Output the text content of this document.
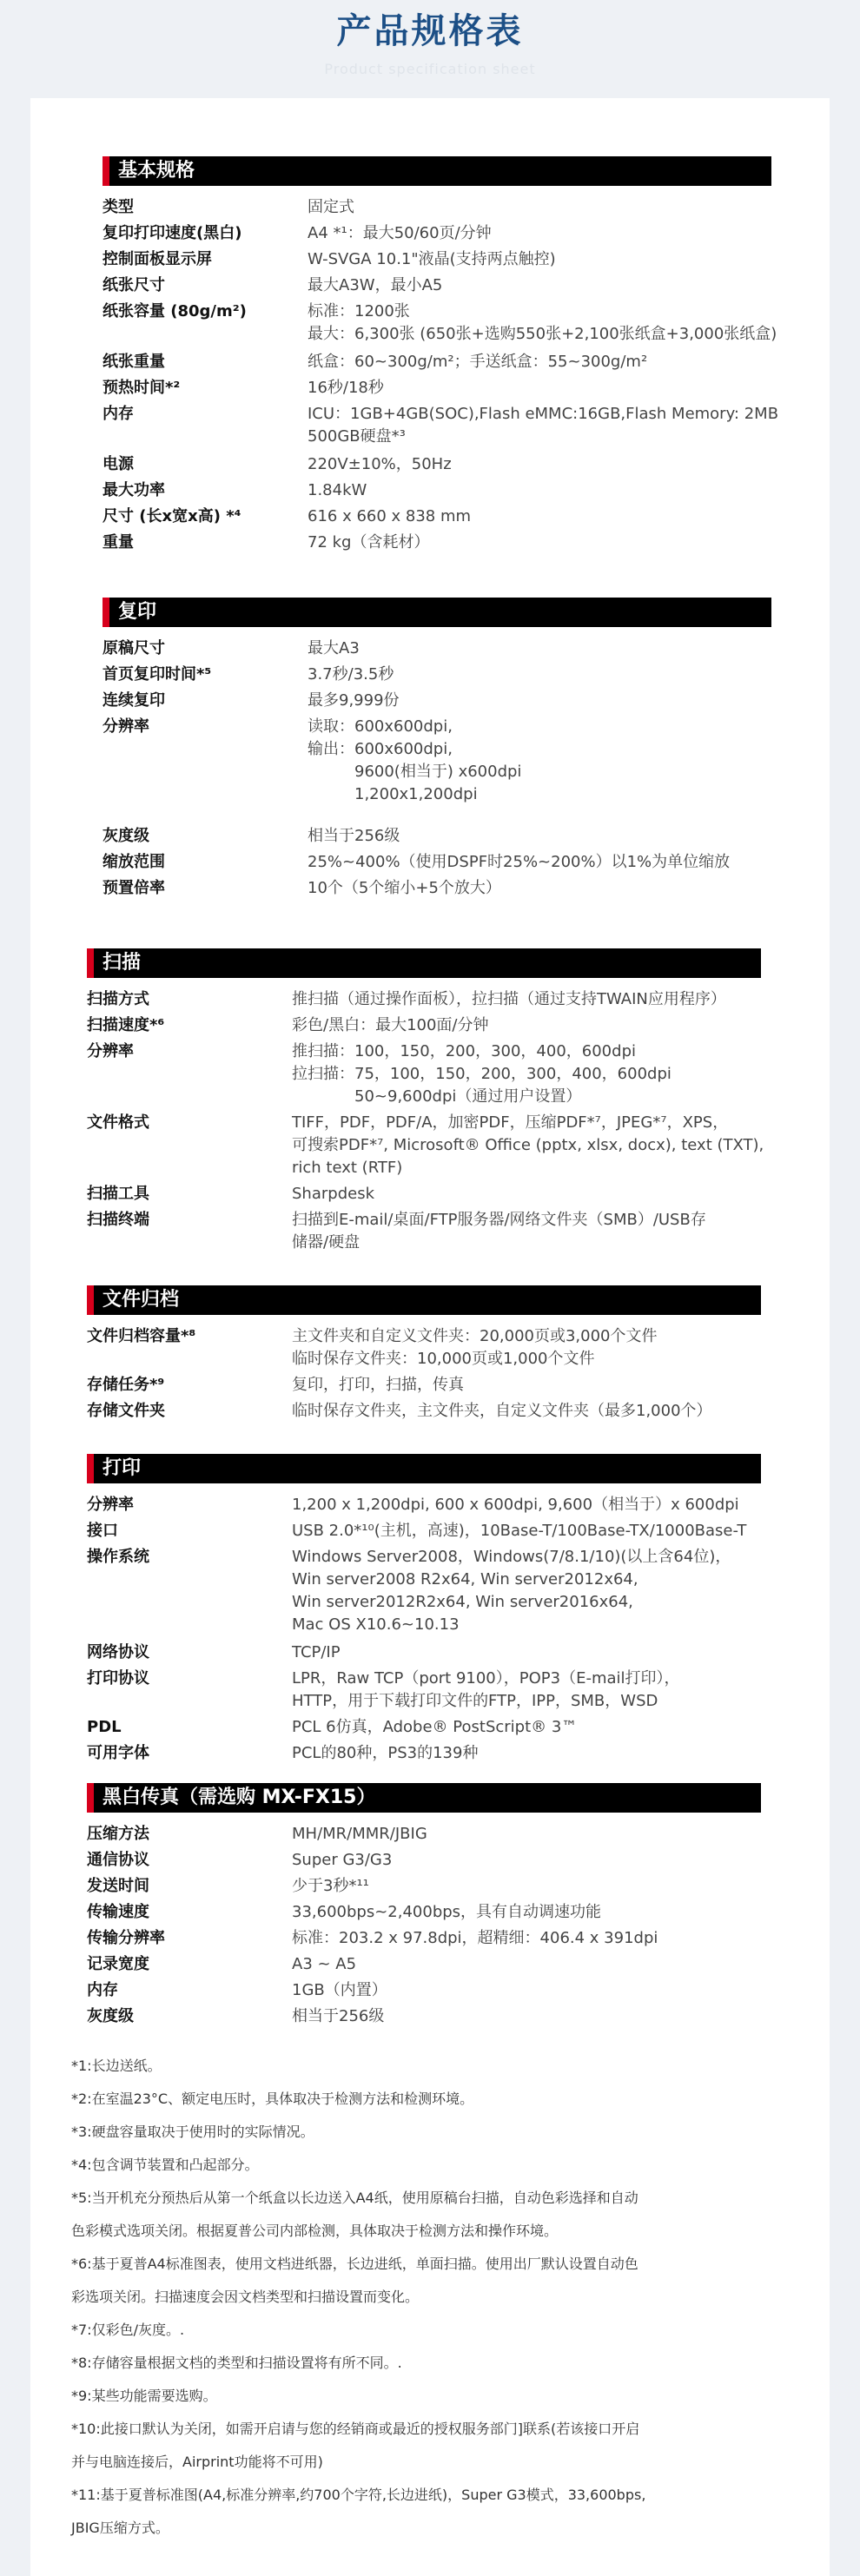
产品规格表
Product specification sheet
基本规格
类型	固定式
复印打印速度(黑白)	A4 *¹：最大50/60页/分钟
控制面板显示屏	W-SVGA 10.1"液晶(支持两点触控)
纸张尺寸	最大A3W，最小A5
纸张容量 (80g/m²)	标准：1200张
最大：6,300张 (650张+选购550张+2,100张纸盒+3,000张纸盒)
纸张重量	纸盒：60~300g/m²；手送纸盒：55~300g/m²
预热时间*²	16秒/18秒
内存	ICU：1GB+4GB(SOC),Flash eMMC:16GB,Flash Memory: 2MB
500GB硬盘*³
电源	220V±10%，50Hz
最大功率	1.84kW
尺寸 (长x宽x高) *⁴	616 x 660 x 838 mm
重量	72 kg（含耗材）
复印
原稿尺寸	最大A3
首页复印时间*⁵	3.7秒/3.5秒
连续复印	最多9,999份
分辨率	读取：600x600dpi,
输出：600x600dpi,
　　　9600(相当于) x600dpi
　　　1,200x1,200dpi
灰度级	相当于256级
缩放范围	25%~400%（使用DSPF时25%~200%）以1%为单位缩放
预置倍率	10个（5个缩小+5个放大）
扫描
扫描方式	推扫描（通过操作面板），拉扫描（通过支持TWAIN应用程序）
扫描速度*⁶	彩色/黑白：最大100面/分钟
分辨率	推扫描：100，150，200，300，400，600dpi
拉扫描：75，100，150，200，300，400，600dpi
　　　　50~9,600dpi（通过用户设置）
文件格式	TIFF，PDF，PDF/A，加密PDF，压缩PDF*⁷，JPEG*⁷，XPS，
可搜索PDF*⁷, Microsoft® Office (pptx, xlsx, docx), text (TXT),
rich text (RTF)
扫描工具	Sharpdesk
扫描终端	扫描到E-mail/桌面/FTP服务器/网络文件夹（SMB）/USB存
储器/硬盘
文件归档
文件归档容量*⁸	主文件夹和自定义文件夹：20,000页或3,000个文件
临时保存文件夹：10,000页或1,000个文件
存储任务*⁹	复印，打印，扫描，传真
存储文件夹	临时保存文件夹，主文件夹，自定义文件夹（最多1,000个）
打印
分辨率	1,200 x 1,200dpi, 600 x 600dpi, 9,600（相当于）x 600dpi
接口	USB 2.0*¹⁰(主机，高速)，10Base-T/100Base-TX/1000Base-T
操作系统	Windows Server2008，Windows(7/8.1/10)(以上含64位)，
Win server2008 R2x64, Win server2012x64,
Win server2012R2x64, Win server2016x64,
Mac OS X10.6~10.13
网络协议	TCP/IP
打印协议	LPR，Raw TCP（port 9100），POP3（E-mail打印），
HTTP，用于下载打印文件的FTP，IPP，SMB，WSD
PDL	PCL 6仿真，Adobe® PostScript® 3™
可用字体	PCL的80种，PS3的139种
黑白传真（需选购 MX-FX15）
压缩方法	MH/MR/MMR/JBIG
通信协议	Super G3/G3
发送时间	少于3秒*¹¹
传输速度	33,600bps~2,400bps，具有自动调速功能
传输分辨率	标准：203.2 x 97.8dpi，超精细：406.4 x 391dpi
记录宽度	A3 ~ A5
内存	1GB（内置）
灰度级	相当于256级
*1:长边送纸。
*2:在室温23°C、额定电压时，具体取决于检测方法和检测环境。
*3:硬盘容量取决于使用时的实际情况。
*4:包含调节装置和凸起部分。
*5:当开机充分预热后从第一个纸盒以长边送入A4纸，使用原稿台扫描，自动色彩选择和自动
色彩模式选项关闭。根据夏普公司内部检测，具体取决于检测方法和操作环境。
*6:基于夏普A4标准图表，使用文档进纸器，长边进纸，单面扫描。使用出厂默认设置自动色
彩选项关闭。扫描速度会因文档类型和扫描设置而变化。
*7:仅彩色/灰度。.
*8:存储容量根据文档的类型和扫描设置将有所不同。.
*9:某些功能需要选购。
*10:此接口默认为关闭，如需开启请与您的经销商或最近的授权服务部门]联系(若该接口开启
并与电脑连接后，Airprint功能将不可用)
*11:基于夏普标准图(A4,标准分辨率,约700个字符,长边进纸)，Super G3模式，33,600bps,
JBIG压缩方式。
